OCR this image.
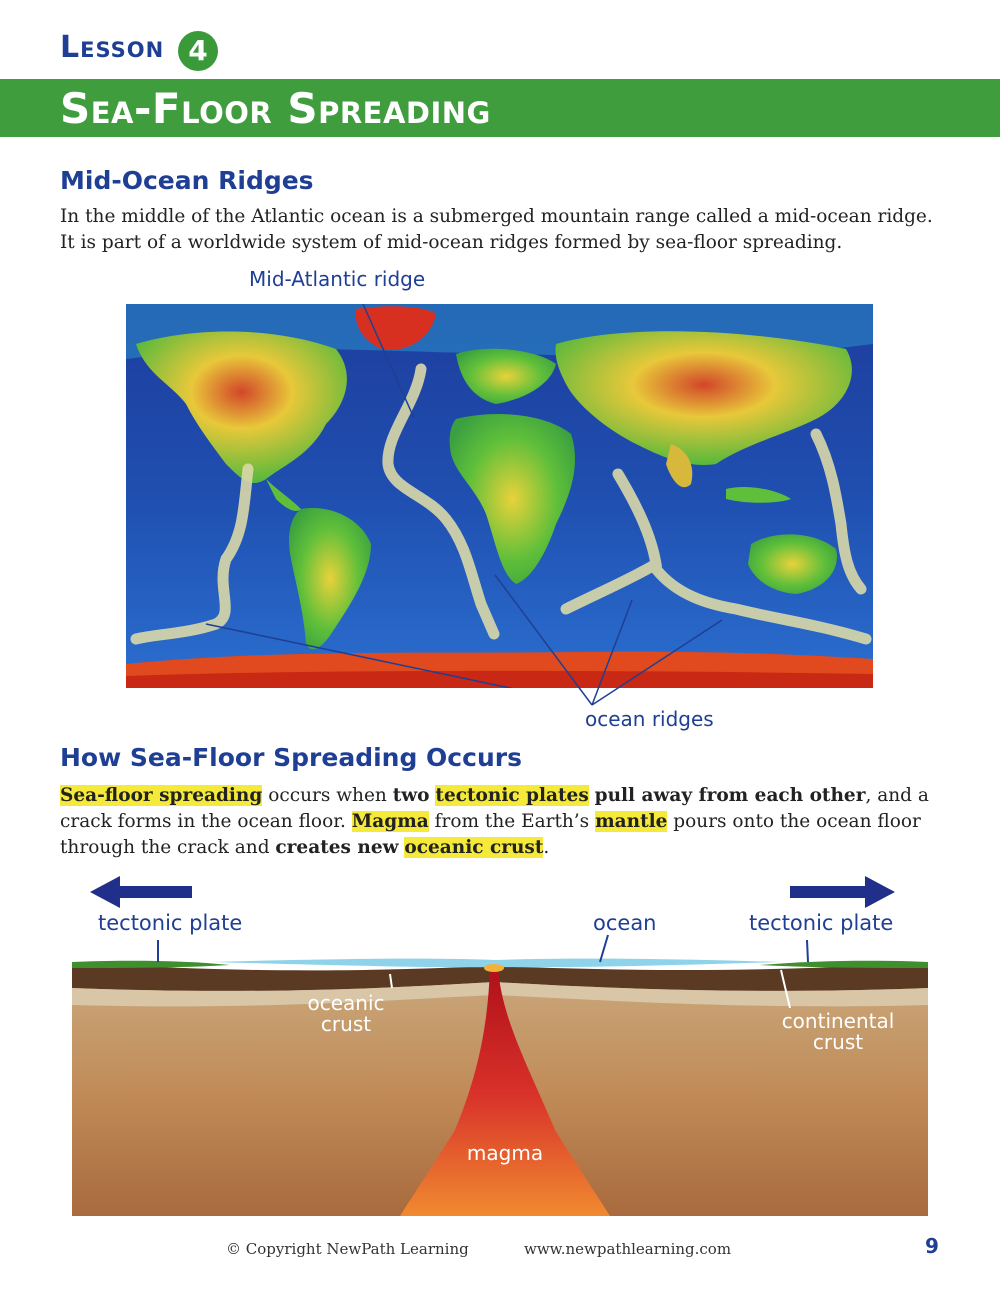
Lesson 4
Sea-Floor Spreading
Mid-Ocean Ridges

In the middle of the Atlantic ocean is a submerged mountain range called a mid-ocean ridge. It is part of a worldwide system of mid-ocean ridges formed by sea-floor spreading.

Mid-Atlantic ridge
ocean ridges
How Sea-Floor Spreading Occurs

Sea-floor spreading occurs when two tectonic plates pull away from each other, and a crack forms in the ocean floor. Magma from the Earth’s mantle pours onto the ocean floor through the crack and creates new oceanic crust.

tectonic plate	ocean	tectonic plate
oceanic
crust	continental
crust
magma
© Copyright NewPath Learning	www.newpathlearning.com	9
